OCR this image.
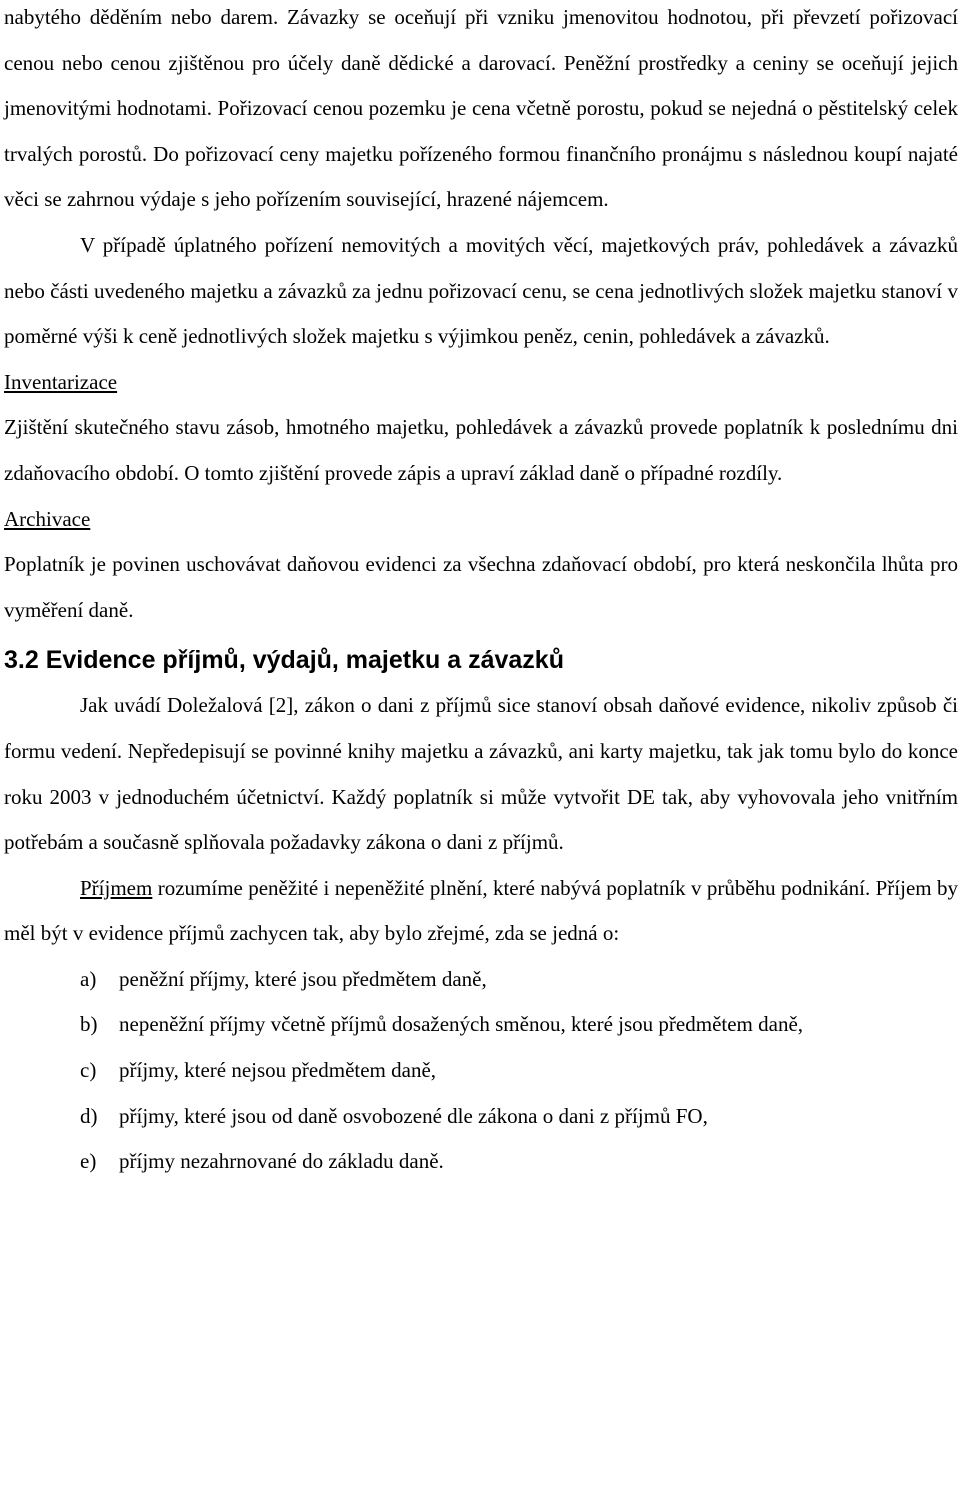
nabytého děděním nebo darem. Závazky se oceňují při vzniku jmenovitou hodnotou, při převzetí pořizovací cenou nebo cenou zjištěnou pro účely daně dědické a darovací. Peněžní prostředky a ceniny se oceňují jejich jmenovitými hodnotami. Pořizovací cenou pozemku je cena včetně porostu, pokud se nejedná o pěstitelský celek trvalých porostů. Do pořizovací ceny majetku pořízeného formou finančního pronájmu s následnou koupí najaté věci se zahrnou výdaje s jeho pořízením související, hrazené nájemcem.

V případě úplatného pořízení nemovitých a movitých věcí, majetkových práv, pohledávek a závazků nebo části uvedeného majetku a závazků za jednu pořizovací cenu, se cena jednotlivých složek majetku stanoví v poměrné výši k ceně jednotlivých složek majetku s výjimkou peněz, cenin, pohledávek a závazků.

Inventarizace

Zjištění skutečného stavu zásob, hmotného majetku, pohledávek a závazků provede poplatník k poslednímu dni zdaňovacího období. O tomto zjištění provede zápis a upraví základ daně o případné rozdíly.

Archivace

Poplatník je povinen uschovávat daňovou evidenci za všechna zdaňovací období, pro která neskončila lhůta pro vyměření daně.

3.2 Evidence příjmů, výdajů, majetku a závazků

Jak uvádí Doležalová [2], zákon o dani z příjmů sice stanoví obsah daňové evidence, nikoliv způsob či formu vedení. Nepředepisují se povinné knihy majetku a závazků, ani karty majetku, tak jak tomu bylo do konce roku 2003 v jednoduchém účetnictví. Každý poplatník si může vytvořit DE tak, aby vyhovovala jeho vnitřním potřebám a současně splňovala požadavky zákona o dani z příjmů.

Příjmem rozumíme peněžité i nepeněžité plnění, které nabývá poplatník v průběhu podnikání. Příjem by měl být v evidence příjmů zachycen tak, aby bylo zřejmé, zda se jedná o:

a)	peněžní příjmy, které jsou předmětem daně,
b)	nepeněžní příjmy včetně příjmů dosažených směnou, které jsou předmětem daně,
c)	příjmy, které nejsou předmětem daně,
d)	příjmy, které jsou od daně osvobozené dle zákona o dani z příjmů FO,
e)	příjmy nezahrnované do základu daně.
